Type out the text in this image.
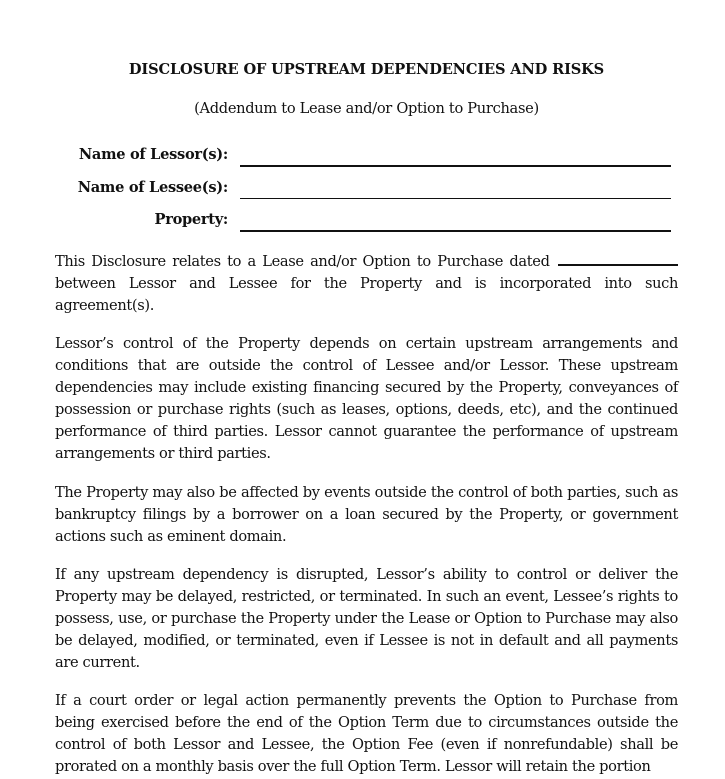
DISCLOSURE OF UPSTREAM DEPENDENCIES AND RISKS
(Addendum to Lease and/or Option to Purchase)
Name of Lessor(s):
Name of Lessee(s):
Property:
This Disclosure relates to a Lease and/or Option to Purchase dated  between Lessor and Lessee for the Property and is incorporated into such agreement(s).
Lessor’s control of the Property depends on certain upstream arrangements and conditions that are outside the control of Lessee and/or Lessor. These upstream dependencies may include existing financing secured by the Property, conveyances of possession or purchase rights (such as leases, options, deeds, etc), and the continued performance of third parties. Lessor cannot guarantee the performance of upstream arrangements or third parties.
The Property may also be affected by events outside the control of both parties, such as bankruptcy filings by a borrower on a loan secured by the Property, or government actions such as eminent domain.
If any upstream dependency is disrupted, Lessor’s ability to control or deliver the Property may be delayed, restricted, or terminated. In such an event, Lessee’s rights to possess, use, or purchase the Property under the Lease or Option to Purchase may also be delayed, modified, or terminated, even if Lessee is not in default and all payments are current.
If a court order or legal action permanently prevents the Option to Purchase from being exercised before the end of the Option Term due to circumstances outside the control of both Lessor and Lessee, the Option Fee (even if nonrefundable) shall be prorated on a monthly basis over the full Option Term. Lessor will retain the portion
